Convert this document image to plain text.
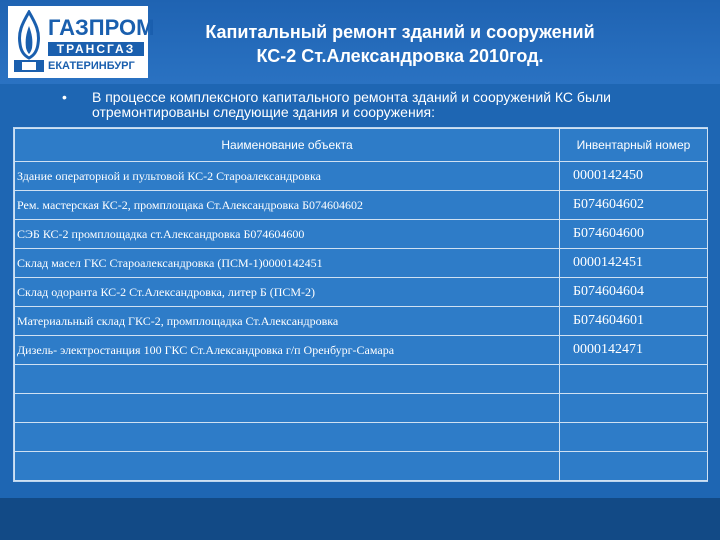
ГАЗПРОМ
ТРАНСГАЗ
ЕКАТЕРИНБУРГ
Капитальный ремонт зданий и сооружений
КС-2 Ст.Александровка 2010год.
• В процессе комплексного капитального ремонта зданий и сооружений КС были отремонтированы следующие здания и сооружения:
Наименование объекта	Инвентарный номер
Здание операторной и пультовой КС-2 Староалександровка	0000142450
Рем. мастерская КС-2, промплощака Ст.Александровка Б074604602	Б074604602
СЭБ КС-2 промплощадка ст.Александровка Б074604600	Б074604600
Склад масел ГКС Староалександровка (ПСМ-1)0000142451	0000142451
Склад одоранта КС-2 Ст.Александровка, литер Б (ПСМ-2)	Б074604604
Материальный склад ГКС-2, промплощадка Ст.Александровка	Б074604601
Дизель- электростанция 100 ГКС Ст.Александровка г/п Оренбург-Самара	0000142471
